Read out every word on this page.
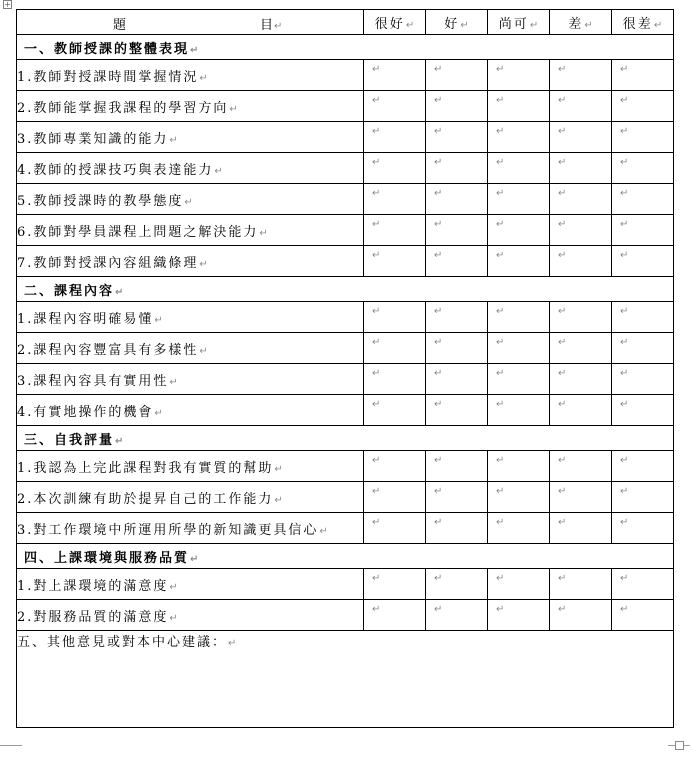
+
題 目↵	很好↵	好↵	尚可↵	差↵	很差↵
一、教師授課的整體表現↵					
1.教師對授課時間掌握情況↵	↵	↵	↵	↵	↵

2.教師能掌握我課程的學習方向↵	↵	↵	↵	↵	↵

3.教師專業知識的能力↵	↵	↵	↵	↵	↵

4.教師的授課技巧與表達能力↵	↵	↵	↵	↵	↵

5.教師授課時的教學態度↵	↵	↵	↵	↵	↵

6.教師對學員課程上問題之解決能力↵	↵	↵	↵	↵	↵

7.教師對授課內容組織條理↵	↵	↵	↵	↵	↵

二、課程內容↵					
1.課程內容明確易懂↵	↵	↵	↵	↵	↵

2.課程內容豐富具有多樣性↵	↵	↵	↵	↵	↵

3.課程內容具有實用性↵	↵	↵	↵	↵	↵

4.有實地操作的機會↵	↵	↵	↵	↵	↵

三、自我評量↵					
1.我認為上完此課程對我有實質的幫助↵	↵	↵	↵	↵	↵

2.本次訓練有助於提昇自己的工作能力↵	↵	↵	↵	↵	↵

3.對工作環境中所運用所學的新知識更具信心↵	↵	↵	↵	↵	↵

四、上課環境與服務品質↵					
1.對上課環境的滿意度↵	↵	↵	↵	↵	↵

2.對服務品質的滿意度↵	↵	↵	↵	↵	↵

五、其他意見或對本中心建議：↵					
